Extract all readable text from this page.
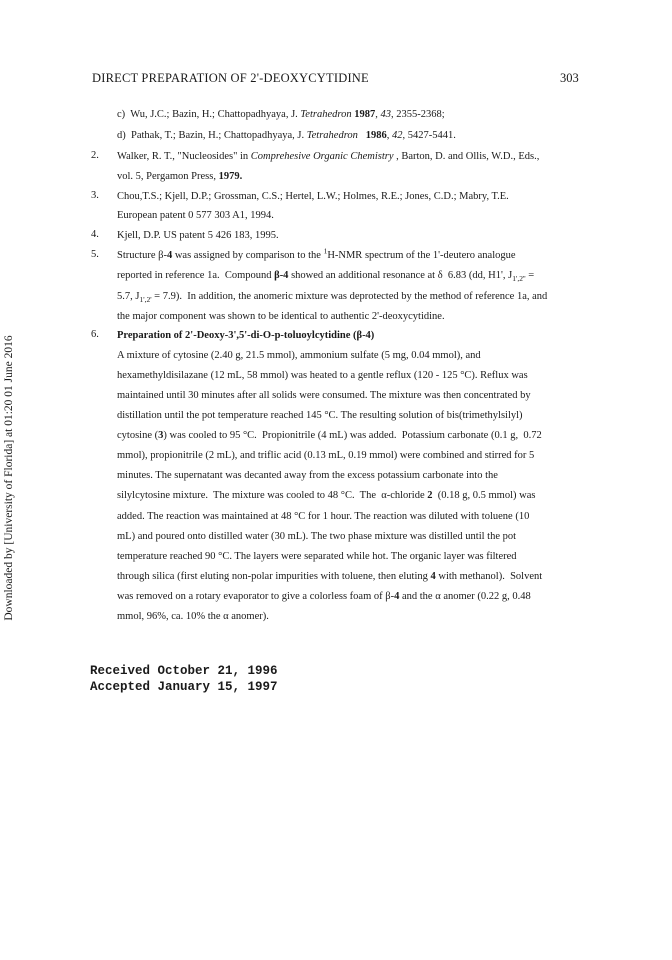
DIRECT PREPARATION OF 2'-DEOXYCYTIDINE	303
Downloaded by [University of Florida] at 01:20 01 June 2016
c)  Wu, J.C.; Bazin, H.; Chattopadhyaya, J. Tetrahedron 1987, 43, 2355-2368;
d)  Pathak, T.; Bazin, H.; Chattopadhyaya, J. Tetrahedron 1986, 42, 5427-5441.
2. Walker, R. T., "Nucleosides" in Comprehesive Organic Chemistry , Barton, D. and Ollis, W.D., Eds.,
vol. 5, Pergamon Press, 1979.
3. Chou,T.S.; Kjell, D.P.; Grossman, C.S.; Hertel, L.W.; Holmes, R.E.; Jones, C.D.; Mabry, T.E.
European patent 0 577 303 A1, 1994.
4. Kjell, D.P. US patent 5 426 183, 1995.
5. Structure β-4 was assigned by comparison to the $^1$H-NMR spectrum of the 1'-deutero analogue
reported in reference 1a.  Compound β-4 showed an additional resonance at δ  6.83 (dd, H1', $J_{1',2''}$ =
5.7, $J_{1',2'} = 7.9$).  In addition, the anomeric mixture was deprotected by the method of reference 1a, and
the major component was shown to be identical to authentic 2'-deoxycytidine.
6. Preparation of 2'-Deoxy-3',5'-di-O-p-toluoylcytidine (β-4)
A mixture of cytosine (2.40 g, 21.5 mmol), ammonium sulfate (5 mg, 0.04 mmol), and
hexamethyldisilazane (12 mL, 58 mmol) was heated to a gentle reflux (120 - 125 °C). Reflux was
maintained until 30 minutes after all solids were consumed. The mixture was then concentrated by
distillation until the pot temperature reached 145 °C. The resulting solution of bis(trimethylsilyl)
cytosine (3) was cooled to 95 °C.  Propionitrile (4 mL) was added.  Potassium carbonate (0.1 g,  0.72
mmol), propionitrile (2 mL), and triflic acid (0.13 mL, 0.19 mmol) were combined and stirred for 5
minutes. The supernatant was decanted away from the excess potassium carbonate into the
silylcytosine mixture.  The mixture was cooled to 48 °C.  The  α-chloride 2  (0.18 g, 0.5 mmol) was
added. The reaction was maintained at 48 °C for 1 hour. The reaction was diluted with toluene (10
mL) and poured onto distilled water (30 mL). The two phase mixture was distilled until the pot
temperature reached 90 °C. The layers were separated while hot. The organic layer was filtered
through silica (first eluting non-polar impurities with toluene, then eluting 4 with methanol).  Solvent
was removed on a rotary evaporator to give a colorless foam of β-4 and the α anomer (0.22 g, 0.48
mmol, 96%, ca. 10% the α anomer).
Received October 21, 1996
Accepted January 15, 1997
